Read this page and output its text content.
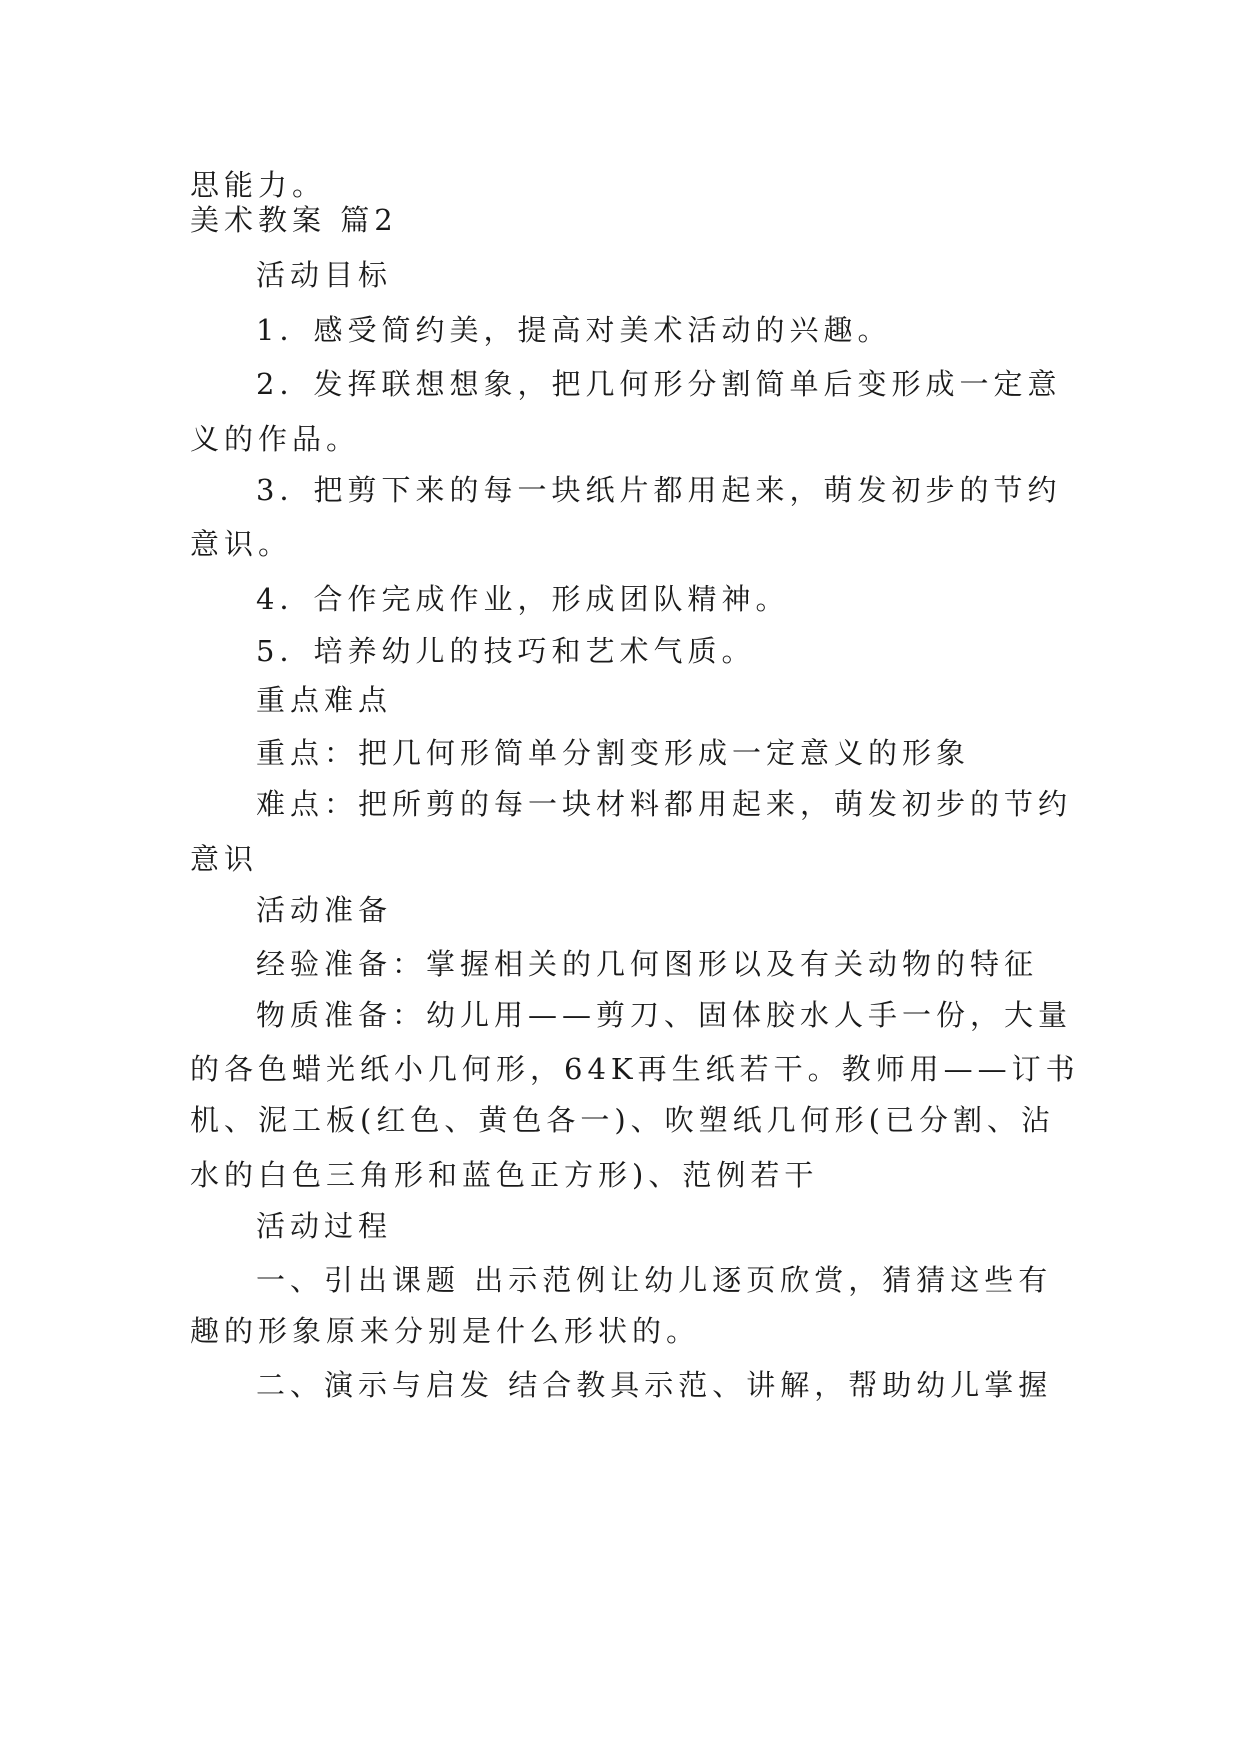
思能力。
美术教案 篇2
活动目标
1．感受简约美，提高对美术活动的兴趣。
2．发挥联想想象，把几何形分割简单后变形成一定意
义的作品。
3．把剪下来的每一块纸片都用起来，萌发初步的节约
意识。
4．合作完成作业，形成团队精神。
5．培养幼儿的技巧和艺术气质。
重点难点
重点：把几何形简单分割变形成一定意义的形象
难点：把所剪的每一块材料都用起来，萌发初步的节约
意识
活动准备
经验准备：掌握相关的几何图形以及有关动物的特征
物质准备：幼儿用——剪刀、固体胶水人手一份，大量
的各色蜡光纸小几何形，64K再生纸若干。教师用——订书
机、泥工板(红色、黄色各一)、吹塑纸几何形(已分割、沾
水的白色三角形和蓝色正方形)、范例若干
活动过程
一、引出课题 出示范例让幼儿逐页欣赏，猜猜这些有
趣的形象原来分别是什么形状的。
二、演示与启发 结合教具示范、讲解，帮助幼儿掌握
